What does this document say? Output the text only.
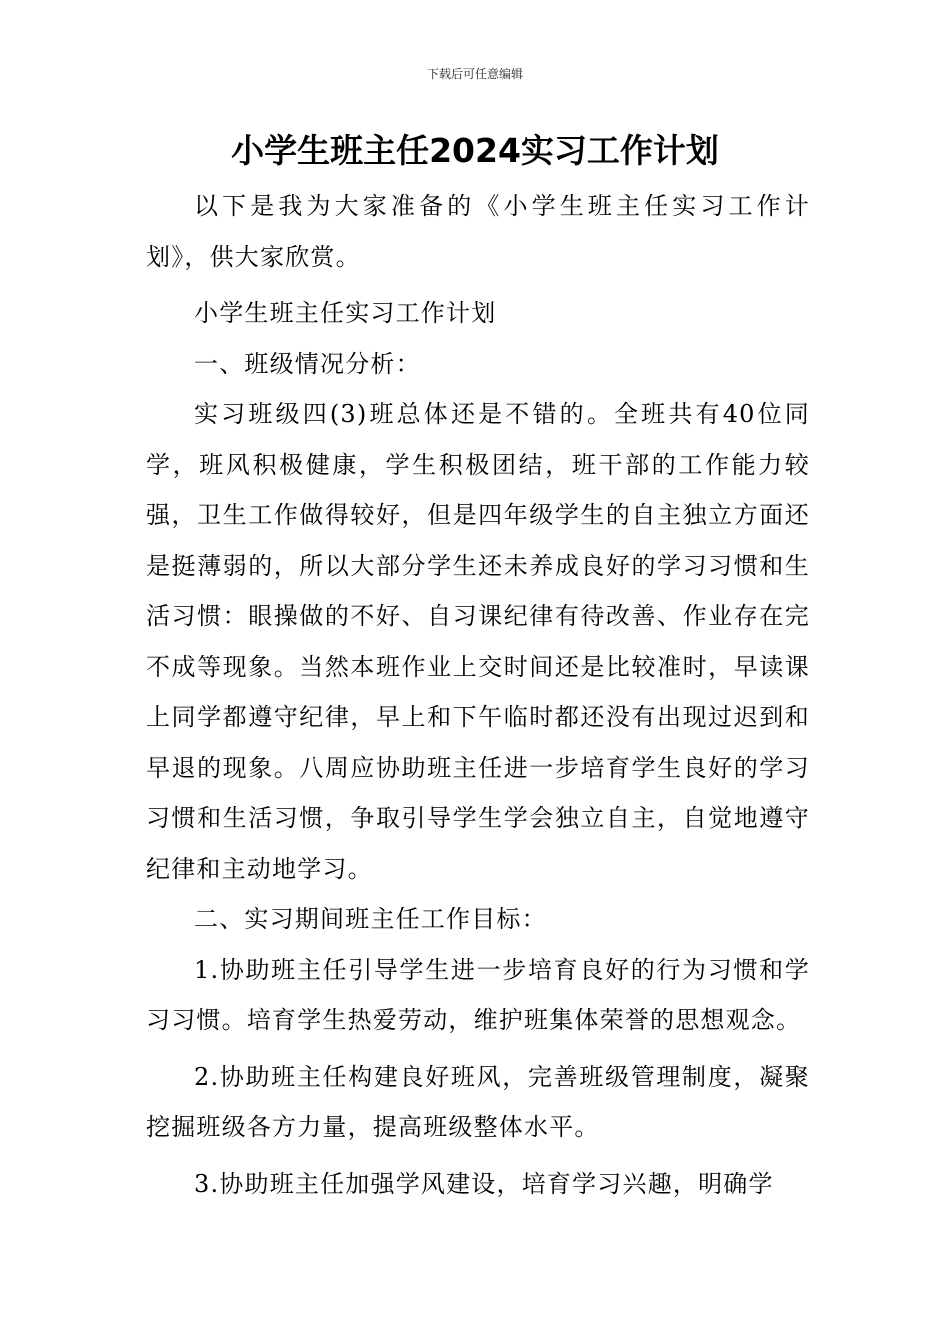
下载后可任意编辑
小学生班主任2024实习工作计划

以下是我为大家准备的《小学生班主任实习工作计划》，供大家欣赏。

小学生班主任实习工作计划

一、班级情况分析：

实习班级四(3)班总体还是不错的。全班共有40位同学，班风积极健康，学生积极团结，班干部的工作能力较强，卫生工作做得较好，但是四年级学生的自主独立方面还是挺薄弱的，所以大部分学生还未养成良好的学习习惯和生活习惯：眼操做的不好、自习课纪律有待改善、作业存在完不成等现象。当然本班作业上交时间还是比较准时，早读课上同学都遵守纪律，早上和下午临时都还没有出现过迟到和早退的现象。八周应协助班主任进一步培育学生良好的学习习惯和生活习惯，争取引导学生学会独立自主，自觉地遵守纪律和主动地学习。

二、实习期间班主任工作目标：

1.协助班主任引导学生进一步培育良好的行为习惯和学习习惯。培育学生热爱劳动，维护班集体荣誉的思想观念。

2.协助班主任构建良好班风，完善班级管理制度，凝聚挖掘班级各方力量，提高班级整体水平。

3.协助班主任加强学风建设，培育学习兴趣，明确学
